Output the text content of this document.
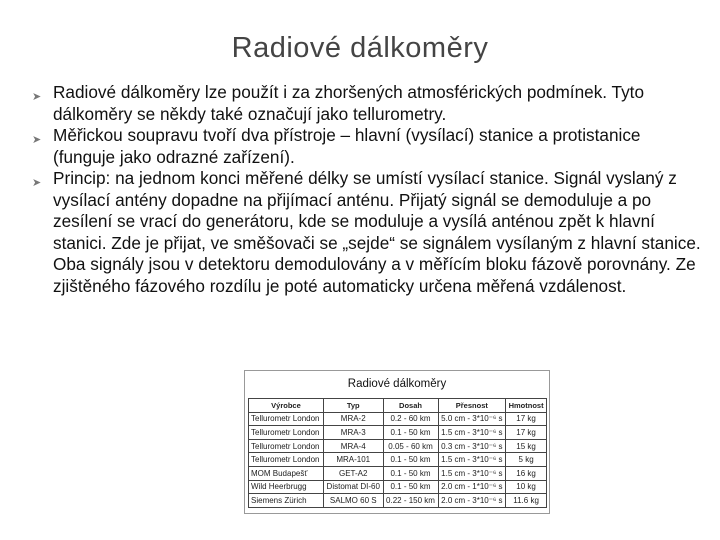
Radiové dálkoměry
➤ Radiové dálkoměry lze použít i za zhoršených atmosférických podmínek. Tyto dálkoměry se někdy také označují jako tellurometry.
➤ Měřickou soupravu tvoří dva přístroje – hlavní (vysílací) stanice a protistanice (funguje jako odrazné zařízení).
➤ Princip: na jednom konci měřené délky se umístí vysílací stanice. Signál vyslaný z vysílací antény dopadne na přijímací anténu. Přijatý signál se demoduluje a po zesílení se vrací do generátoru, kde se moduluje a vysílá anténou zpět k hlavní stanici. Zde je přijat, ve směšovači se „sejde“ se signálem vysílaným z hlavní stanice. Oba signály jsou v detektoru demodulovány a v měřícím bloku fázově porovnány. Ze zjištěného fázového rozdílu je poté automaticky určena měřená vzdálenost.
Radiové dálkoměry
Výrobce	Typ	Dosah	Přesnost	Hmotnost
Tellurometr London	MRA-2	0.2 - 60 km	5.0 cm - 3*10⁻⁶ s	17 kg
Tellurometr London	MRA-3	0.1 - 50 km	1.5 cm - 3*10⁻⁶ s	17 kg
Tellurometr London	MRA-4	0.05 - 60 km	0.3 cm - 3*10⁻⁶ s	15 kg
Tellurometr London	MRA-101	0.1 - 50 km	1.5 cm - 3*10⁻⁶ s	5 kg
MOM Budapešť	GET-A2	0.1 - 50 km	1.5 cm - 3*10⁻⁶ s	16 kg
Wild Heerbrugg	Distomat DI-60	0.1 - 50 km	2.0 cm - 1*10⁻⁶ s	10 kg
Siemens Zürich	SALMO 60 S	0.22 - 150 km	2.0 cm - 3*10⁻⁶ s	11.6 kg
